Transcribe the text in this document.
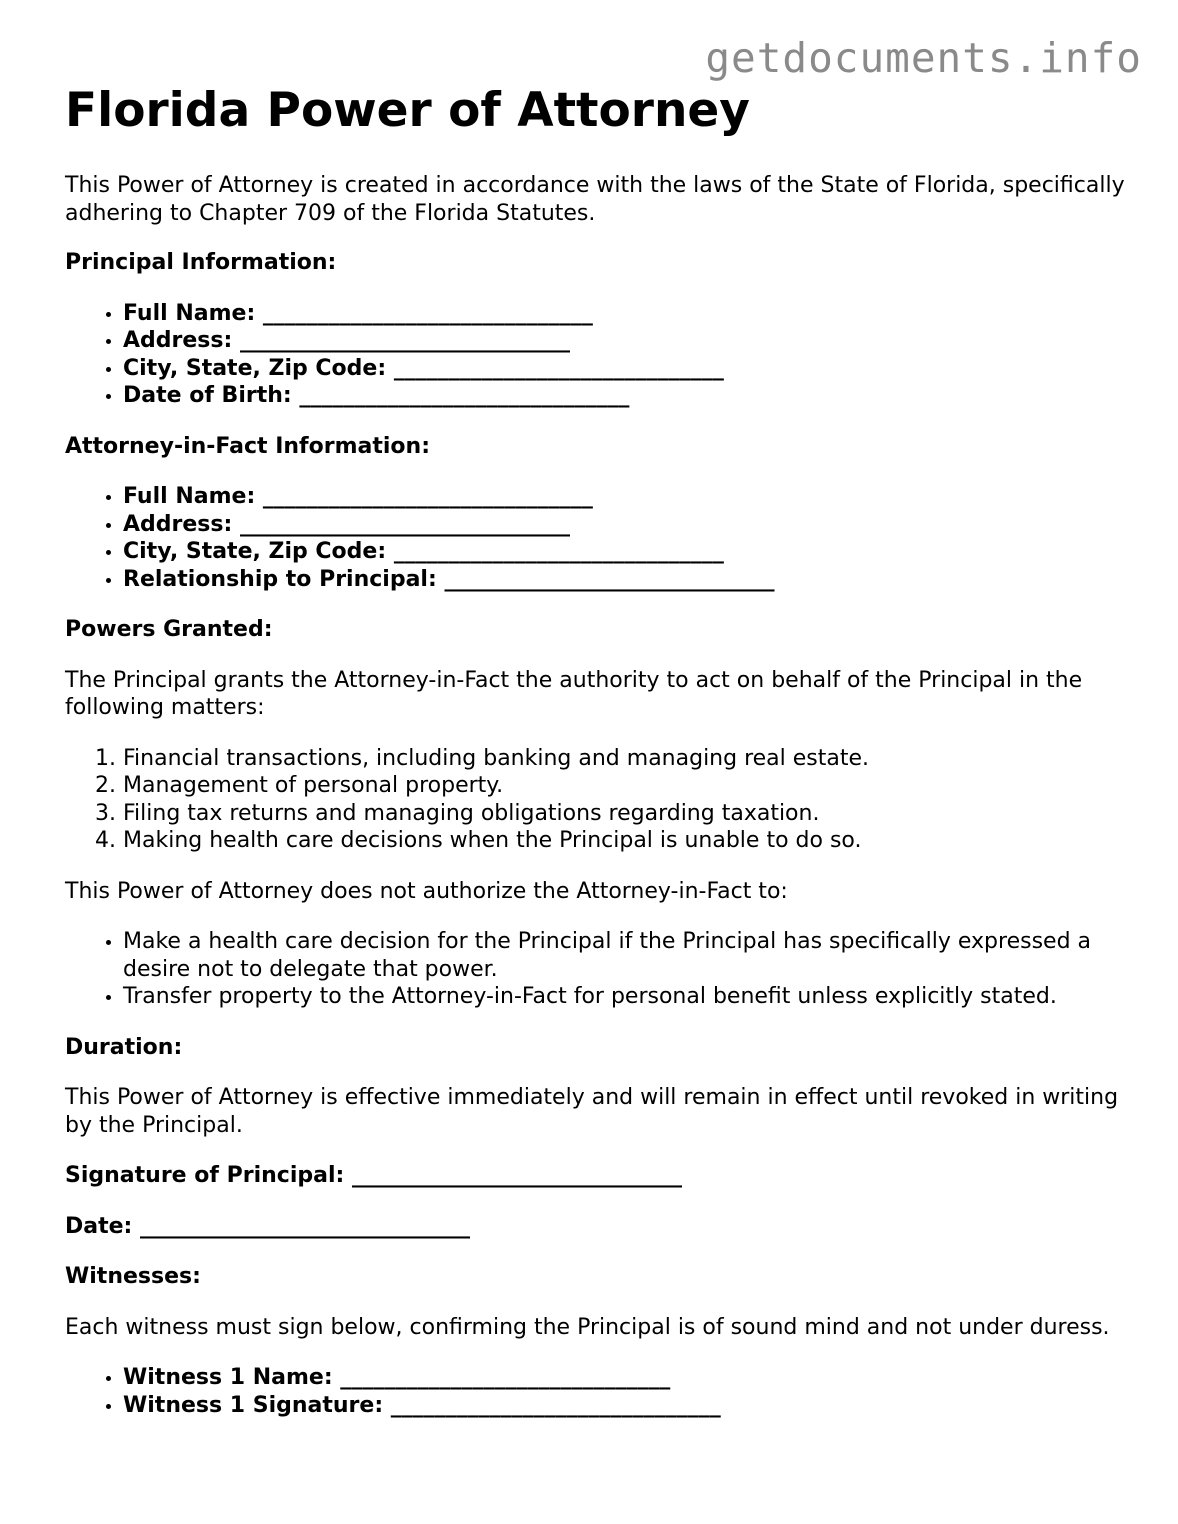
getdocuments.info
Florida Power of Attorney

This Power of Attorney is created in accordance with the laws of the State of Florida, specifically adhering to Chapter 709 of the Florida Statutes.

Principal Information:

• Full Name: ______________________________
• Address: ______________________________
• City, State, Zip Code: ______________________________
• Date of Birth: ______________________________

Attorney-in-Fact Information:

• Full Name: ______________________________
• Address: ______________________________
• City, State, Zip Code: ______________________________
• Relationship to Principal: ______________________________

Powers Granted:

The Principal grants the Attorney-in-Fact the authority to act on behalf of the Principal in the following matters:

1. Financial transactions, including banking and managing real estate.
2. Management of personal property.
3. Filing tax returns and managing obligations regarding taxation.
4. Making health care decisions when the Principal is unable to do so.

This Power of Attorney does not authorize the Attorney-in-Fact to:

• Make a health care decision for the Principal if the Principal has specifically expressed a desire not to delegate that power.
• Transfer property to the Attorney-in-Fact for personal benefit unless explicitly stated.

Duration:

This Power of Attorney is effective immediately and will remain in effect until revoked in writing by the Principal.

Signature of Principal: ______________________________

Date: ______________________________

Witnesses:

Each witness must sign below, confirming the Principal is of sound mind and not under duress.

• Witness 1 Name: ______________________________
• Witness 1 Signature: ______________________________
